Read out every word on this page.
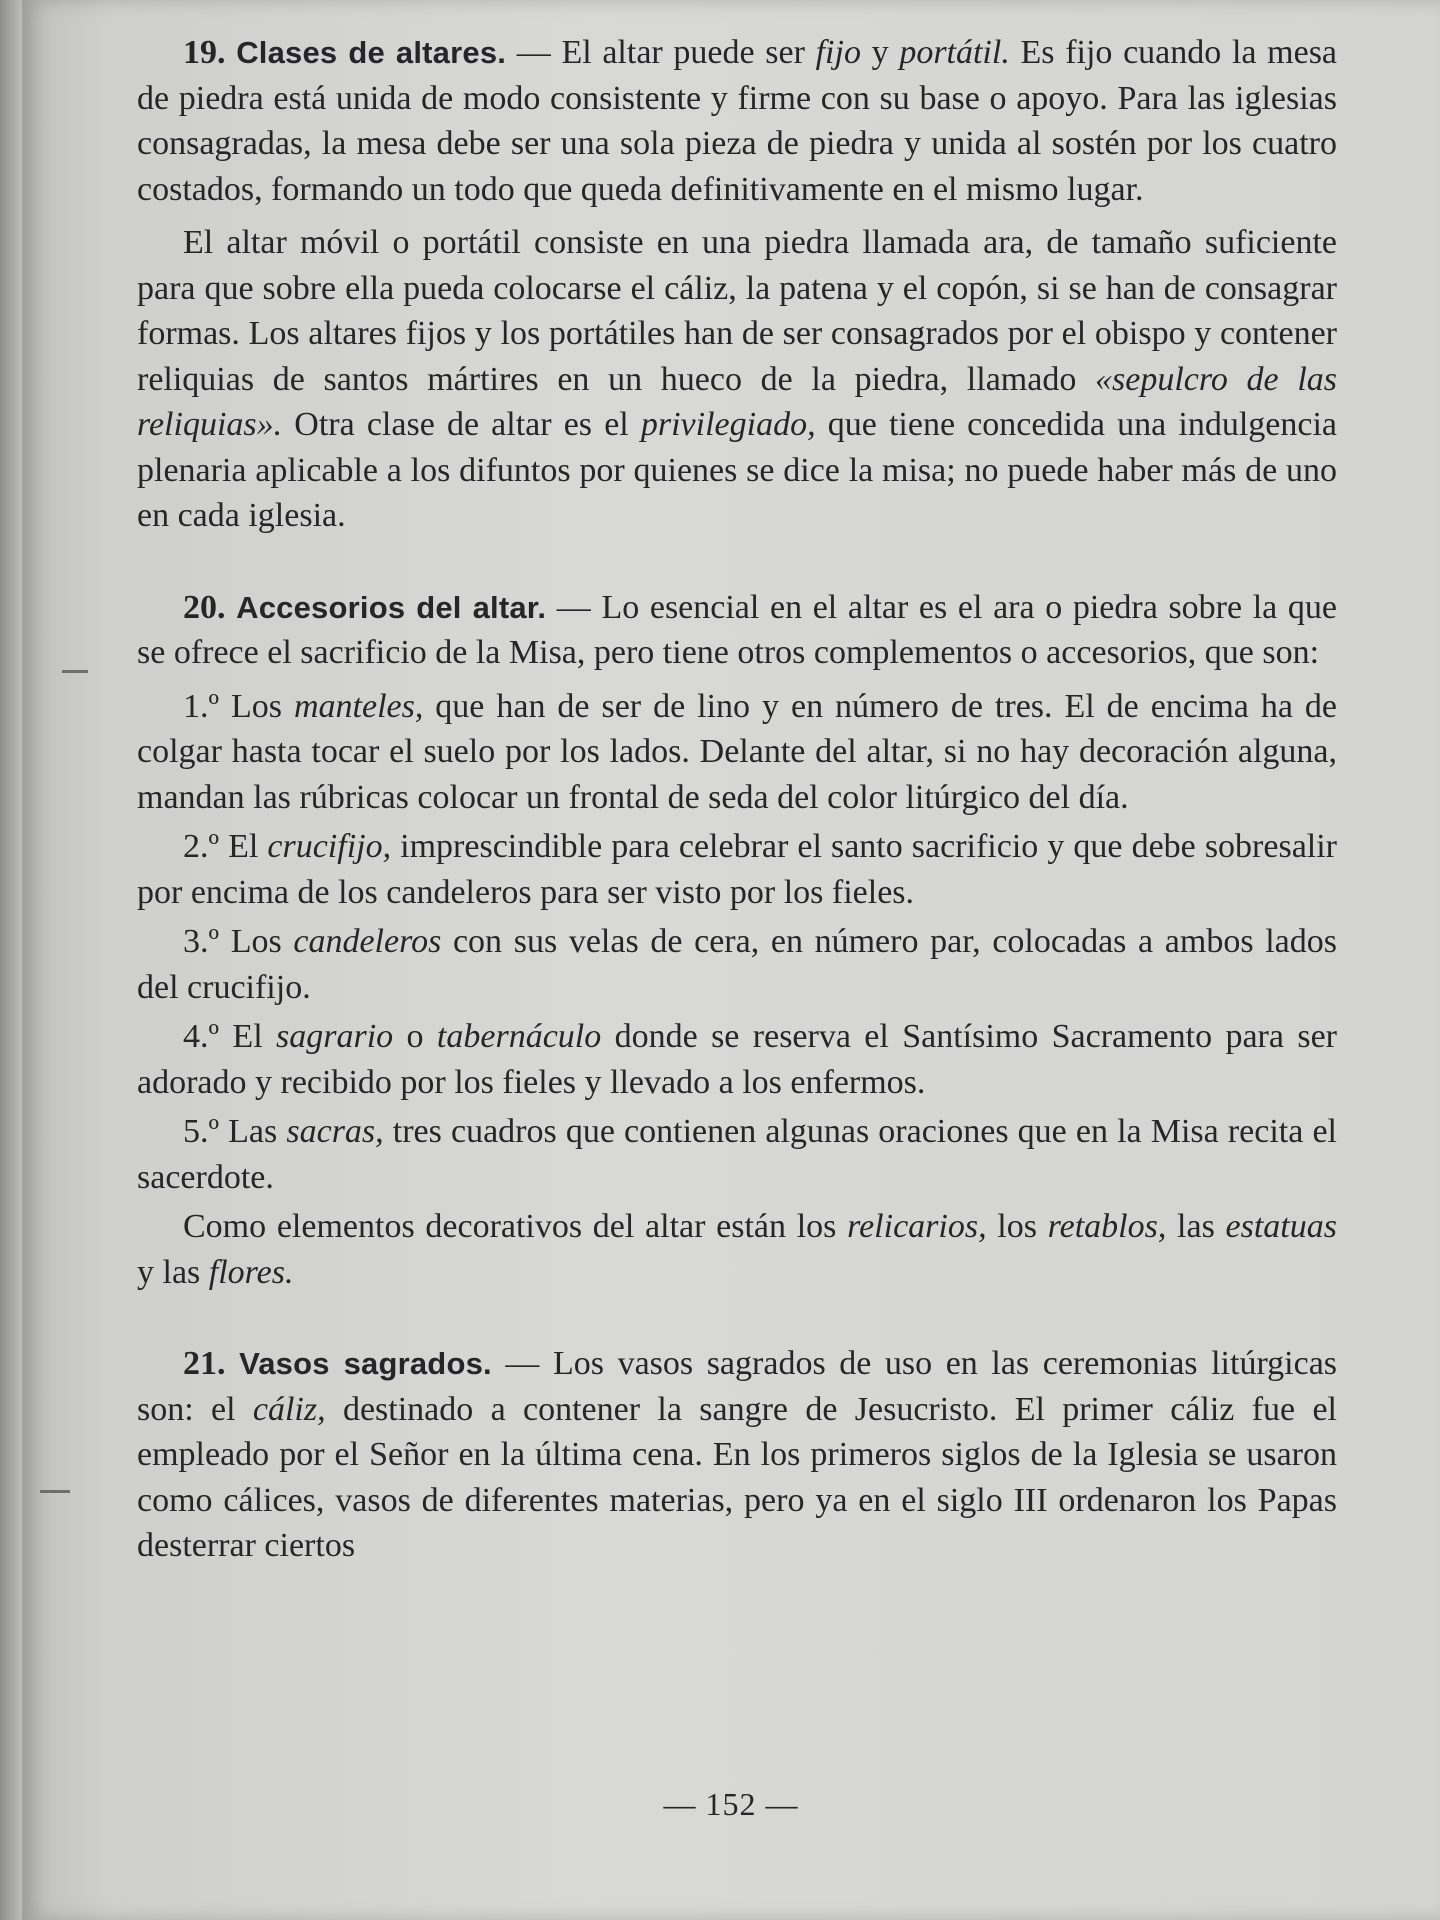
19. Clases de altares. — El altar puede ser fijo y portátil. Es fijo cuando la mesa de piedra está unida de modo consistente y firme con su base o apoyo. Para las iglesias consagradas, la mesa debe ser una sola pieza de piedra y unida al sostén por los cuatro costados, formando un todo que queda definitivamente en el mismo lugar.

El altar móvil o portátil consiste en una piedra llamada ara, de tamaño suficiente para que sobre ella pueda colocarse el cáliz, la patena y el copón, si se han de consagrar formas. Los altares fijos y los portátiles han de ser consagrados por el obispo y contener reliquias de santos mártires en un hueco de la piedra, llamado «sepulcro de las reliquias». Otra clase de altar es el privilegiado, que tiene concedida una indulgencia plenaria aplicable a los difuntos por quienes se dice la misa; no puede haber más de uno en cada iglesia.

20. Accesorios del altar. — Lo esencial en el altar es el ara o piedra sobre la que se ofrece el sacrificio de la Misa, pero tiene otros complementos o accesorios, que son:

1.º Los manteles, que han de ser de lino y en número de tres. El de encima ha de colgar hasta tocar el suelo por los lados. Delante del altar, si no hay decoración alguna, mandan las rúbricas colocar un frontal de seda del color litúrgico del día.

2.º El crucifijo, imprescindible para celebrar el santo sacrificio y que debe sobresalir por encima de los candeleros para ser visto por los fieles.

3.º Los candeleros con sus velas de cera, en número par, colocadas a ambos lados del crucifijo.

4.º El sagrario o tabernáculo donde se reserva el Santísimo Sacramento para ser adorado y recibido por los fieles y llevado a los enfermos.

5.º Las sacras, tres cuadros que contienen algunas oraciones que en la Misa recita el sacerdote.

Como elementos decorativos del altar están los relicarios, los retablos, las estatuas y las flores.

21. Vasos sagrados. — Los vasos sagrados de uso en las ceremonias litúrgicas son: el cáliz, destinado a contener la sangre de Jesucristo. El primer cáliz fue el empleado por el Señor en la última cena. En los primeros siglos de la Iglesia se usaron como cálices, vasos de diferentes materias, pero ya en el siglo III ordenaron los Papas desterrar ciertos

— 152 —
